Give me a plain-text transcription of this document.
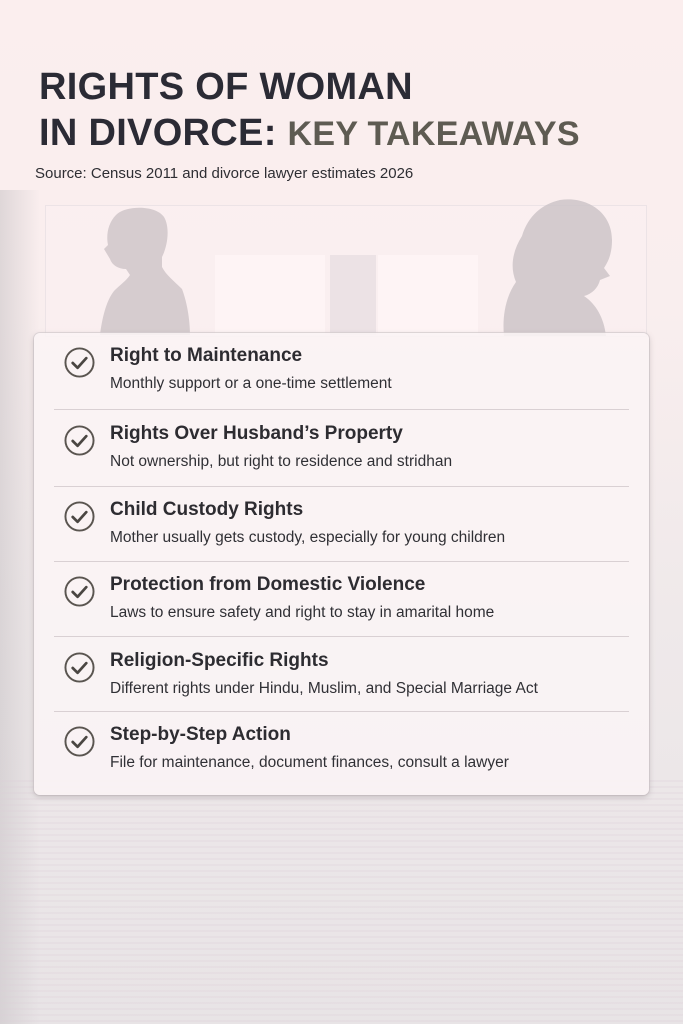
RIGHTS OF WOMAN
IN DIVORCE: KEY TAKEAWAYS
Source: Census 2011 and divorce lawyer estimates 2026
Right to Maintenance
Monthly support or a one-time settlement
Rights Over Husband’s Property
Not ownership, but right to residence and stridhan
Child Custody Rights
Mother usually gets custody, especially for young children
Protection from Domestic Violence
Laws to ensure safety and right to stay in amarital home
Religion-Specific Rights
Different rights under Hindu, Muslim, and Special Marriage Act
Step-by-Step Action
File for maintenance, document finances, consult a lawyer
